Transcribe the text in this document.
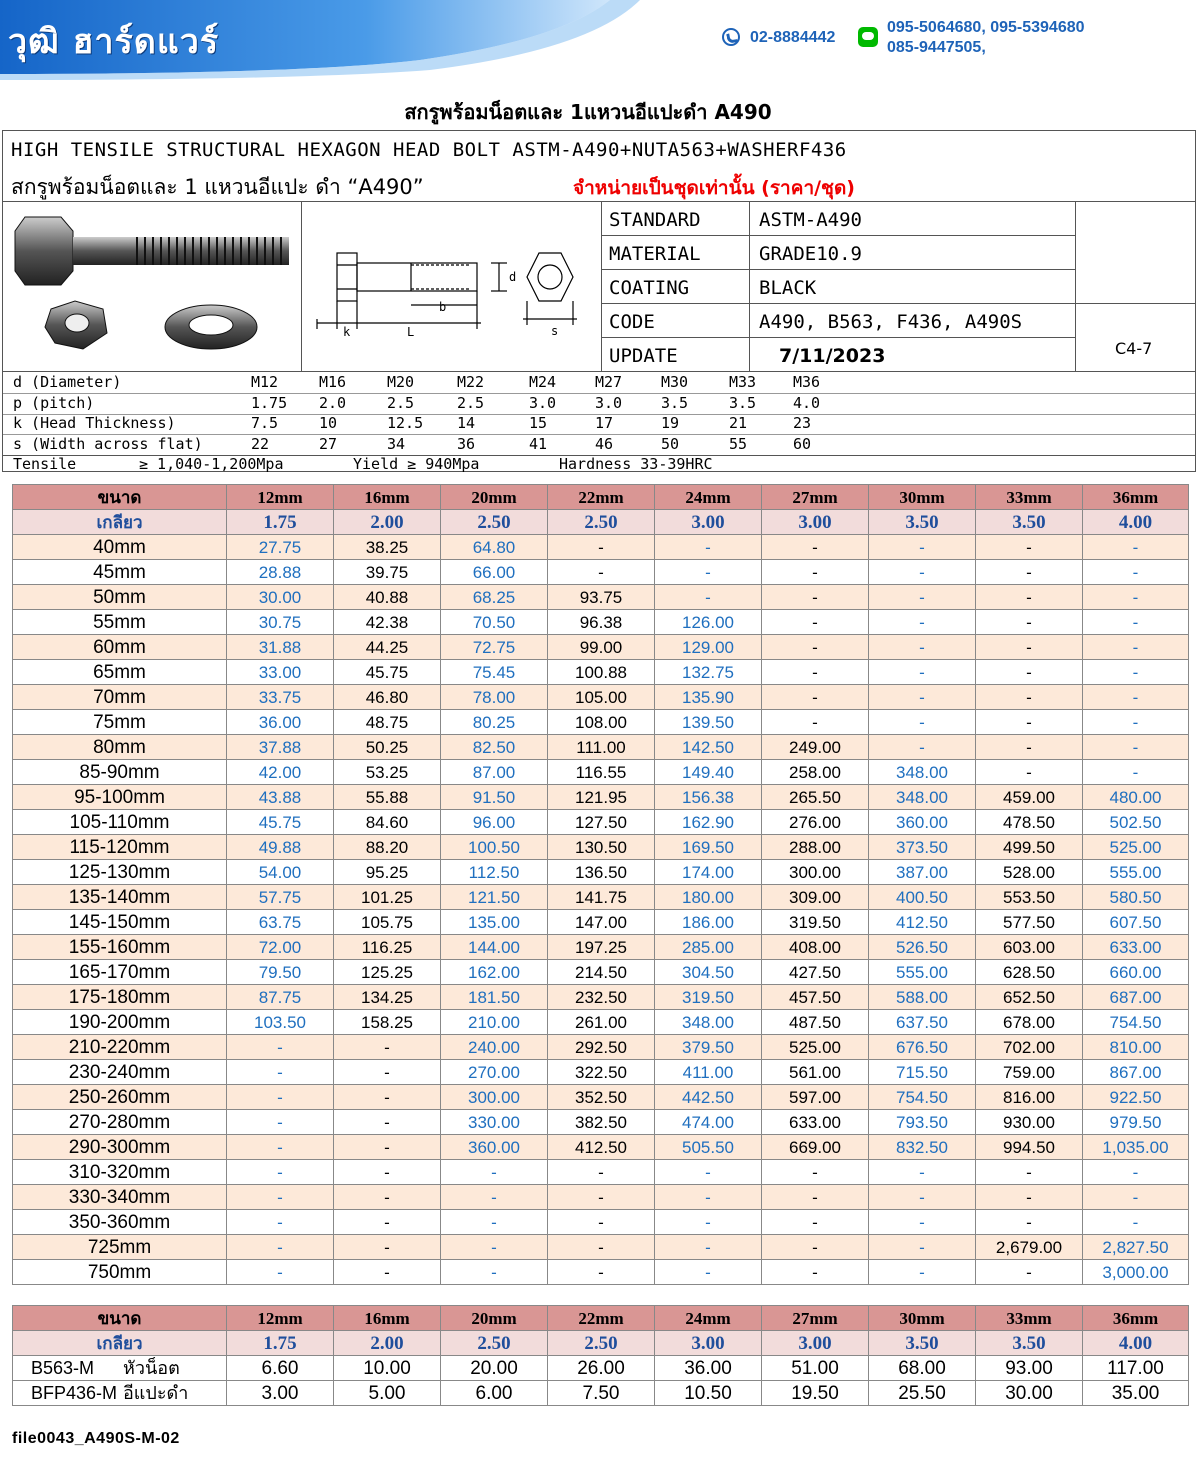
วุฒิ ฮาร์ดแวร์	02-8884442
095-5064680, 095-5394680
085-9447505,
สกรูพร้อมน็อตและ 1แหวนอีแปะดำ A490
HIGH TENSILE STRUCTURAL HEXAGON HEAD BOLT ASTM-A490+NUTA563+WASHERF436
สกรูพร้อมน็อตและ 1 แหวนอีแปะ ดำ “A490”	จำหน่ายเป็นชุดเท่านั้น (ราคา/ชุด)
b
L
k
d
s
STANDARD	ASTM-A490
MATERIAL	GRADE10.9
COATING	BLACK
CODE	A490, B563, F436, A490S
UPDATE	7/11/2023	C4-7
d (Diameter)	M12	M16	M20	M22	M24	M27	M30	M33 M36
p (pitch)	1.75 2.0	2.5	2.5	3.0	3.0	3.5	3.5 4.0
k (Head Thickness)	7.5	10	12.5 14	15	17	19	21	23
s (Width across flat)	22	27	34	36	41	46	50	55	60
Tensile	≥ 1,040-1,200Mpa	Yield ≥ 940Mpa	Hardness 33-39HRC
ขนาด	12mm	16mm	20mm	22mm	24mm	27mm	30mm	33mm	36mm
เกลียว	1.75	2.00	2.50	2.50	3.00	3.00	3.50	3.50	4.00
40mm	27.75	38.25	64.80	-	-	-	-	-	-
45mm	28.88	39.75	66.00	-	-	-	-	-	-
50mm	30.00	40.88	68.25	93.75	-	-	-	-	-
55mm	30.75	42.38	70.50	96.38	126.00	-	-	-	-
60mm	31.88	44.25	72.75	99.00	129.00	-	-	-	-
65mm	33.00	45.75	75.45	100.88	132.75	-	-	-	-
70mm	33.75	46.80	78.00	105.00	135.90	-	-	-	-
75mm	36.00	48.75	80.25	108.00	139.50	-	-	-	-
80mm	37.88	50.25	82.50	111.00	142.50	249.00	-	-	-
85-90mm	42.00	53.25	87.00	116.55	149.40	258.00	348.00	-	-
95-100mm	43.88	55.88	91.50	121.95	156.38	265.50	348.00	459.00	480.00
105-110mm	45.75	84.60	96.00	127.50	162.90	276.00	360.00	478.50	502.50
115-120mm	49.88	88.20	100.50	130.50	169.50	288.00	373.50	499.50	525.00
125-130mm	54.00	95.25	112.50	136.50	174.00	300.00	387.00	528.00	555.00
135-140mm	57.75	101.25	121.50	141.75	180.00	309.00	400.50	553.50	580.50
145-150mm	63.75	105.75	135.00	147.00	186.00	319.50	412.50	577.50	607.50
155-160mm	72.00	116.25	144.00	197.25	285.00	408.00	526.50	603.00	633.00
165-170mm	79.50	125.25	162.00	214.50	304.50	427.50	555.00	628.50	660.00
175-180mm	87.75	134.25	181.50	232.50	319.50	457.50	588.00	652.50	687.00
190-200mm	103.50	158.25	210.00	261.00	348.00	487.50	637.50	678.00	754.50
210-220mm	-	-	240.00	292.50	379.50	525.00	676.50	702.00	810.00
230-240mm	-	-	270.00	322.50	411.00	561.00	715.50	759.00	867.00
250-260mm	-	-	300.00	352.50	442.50	597.00	754.50	816.00	922.50
270-280mm	-	-	330.00	382.50	474.00	633.00	793.50	930.00	979.50
290-300mm	-	-	360.00	412.50	505.50	669.00	832.50	994.50	1,035.00
310-320mm	-	-	-	-	-	-	-	-	-
330-340mm	-	-	-	-	-	-	-	-	-
350-360mm	-	-	-	-	-	-	-	-	-
725mm	-	-	-	-	-	-	-	2,679.00	2,827.50
750mm	-	-	-	-	-	-	-	-	3,000.00
ขนาด	12mm	16mm	20mm	22mm	24mm	27mm	30mm	33mm	36mm
เกลียว	1.75	2.00	2.50	2.50	3.00	3.00	3.50	3.50	4.00
B563-M หัวน็อต	6.60	10.00	20.00	26.00	36.00	51.00	68.00	93.00	117.00
BFP436-M อีแปะดำ	3.00	5.00	6.00	7.50	10.50	19.50	25.50	30.00	35.00
file0043_A490S-M-02
